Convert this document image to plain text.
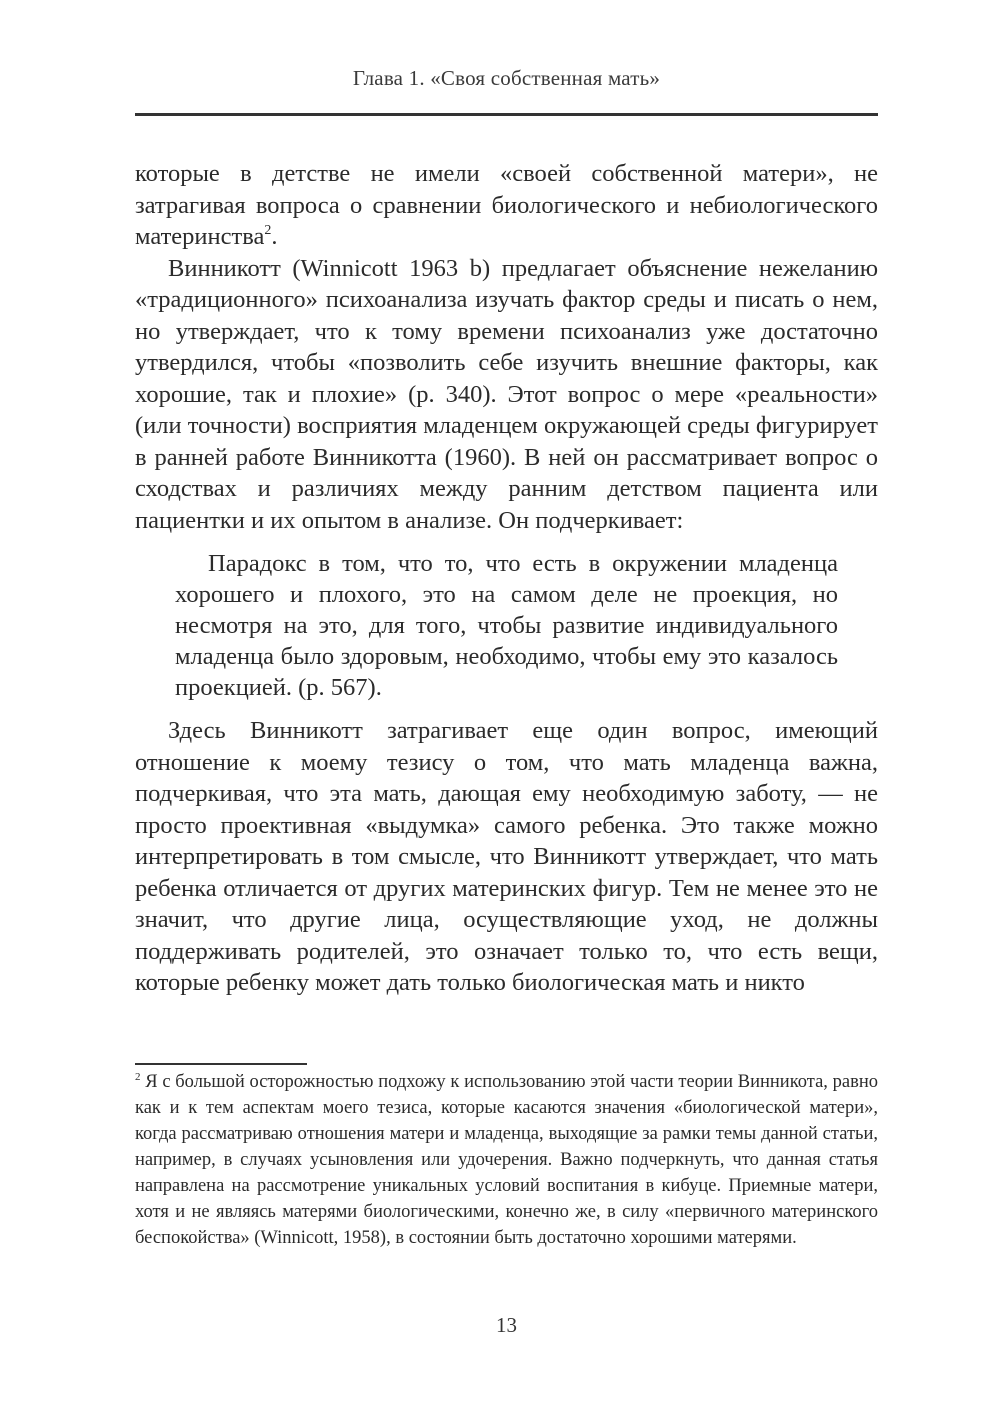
Глава 1. «Своя собственная мать»

которые в детстве не имели «своей собственной матери», не затрагивая вопроса о сравнении биологического и небиологического материнства$^2$.

Винникотт (Winnicott 1963 b) предлагает объяснение нежеланию «традиционного» психоанализа изучать фактор среды и писать о нем, но утверждает, что к тому времени психоанализ уже достаточно утвердился, чтобы «позволить себе изучить внешние факторы, как хорошие, так и плохие» (p. 340). Этот вопрос о мере «реальности» (или точности) восприятия младенцем окружающей среды фигурирует в ранней работе Винникотта (1960). В ней он рассматривает вопрос о сходствах и различиях между ранним детством пациента или пациентки и их опытом в анализе. Он подчеркивает:

Парадокс в том, что то, что есть в окружении младенца хорошего и плохого, это на самом деле не проекция, но несмотря на это, для того, чтобы развитие индивидуального младенца было здоровым, необходимо, чтобы ему это казалось проекцией. (p. 567).

Здесь Винникотт затрагивает еще один вопрос, имеющий отношение к моему тезису о том, что мать младенца важна, подчеркивая, что эта мать, дающая ему необходимую заботу, — не просто проективная «выдумка» самого ребенка. Это также можно интерпретировать в том смысле, что Винникотт утверждает, что мать ребенка отличается от других материнских фигур. Тем не менее это не значит, что другие лица, осуществляющие уход, не должны поддерживать родителей, это означает только то, что есть вещи, которые ребенку может дать только биологическая мать и никто

$^2$ Я с большой осторожностью подхожу к использованию этой части теории Винникота, равно как и к тем аспектам моего тезиса, которые касаются значения «биологической матери», когда рассматриваю отношения матери и младенца, выходящие за рамки темы данной статьи, например, в случаях усыновления или удочерения. Важно подчеркнуть, что данная статья направлена на рассмотрение уникальных условий воспитания в кибуце. Приемные матери, хотя и не являясь матерями биологическими, конечно же, в силу «первичного материнского беспокойства» (Winnicott, 1958), в состоянии быть достаточно хорошими матерями.
13
